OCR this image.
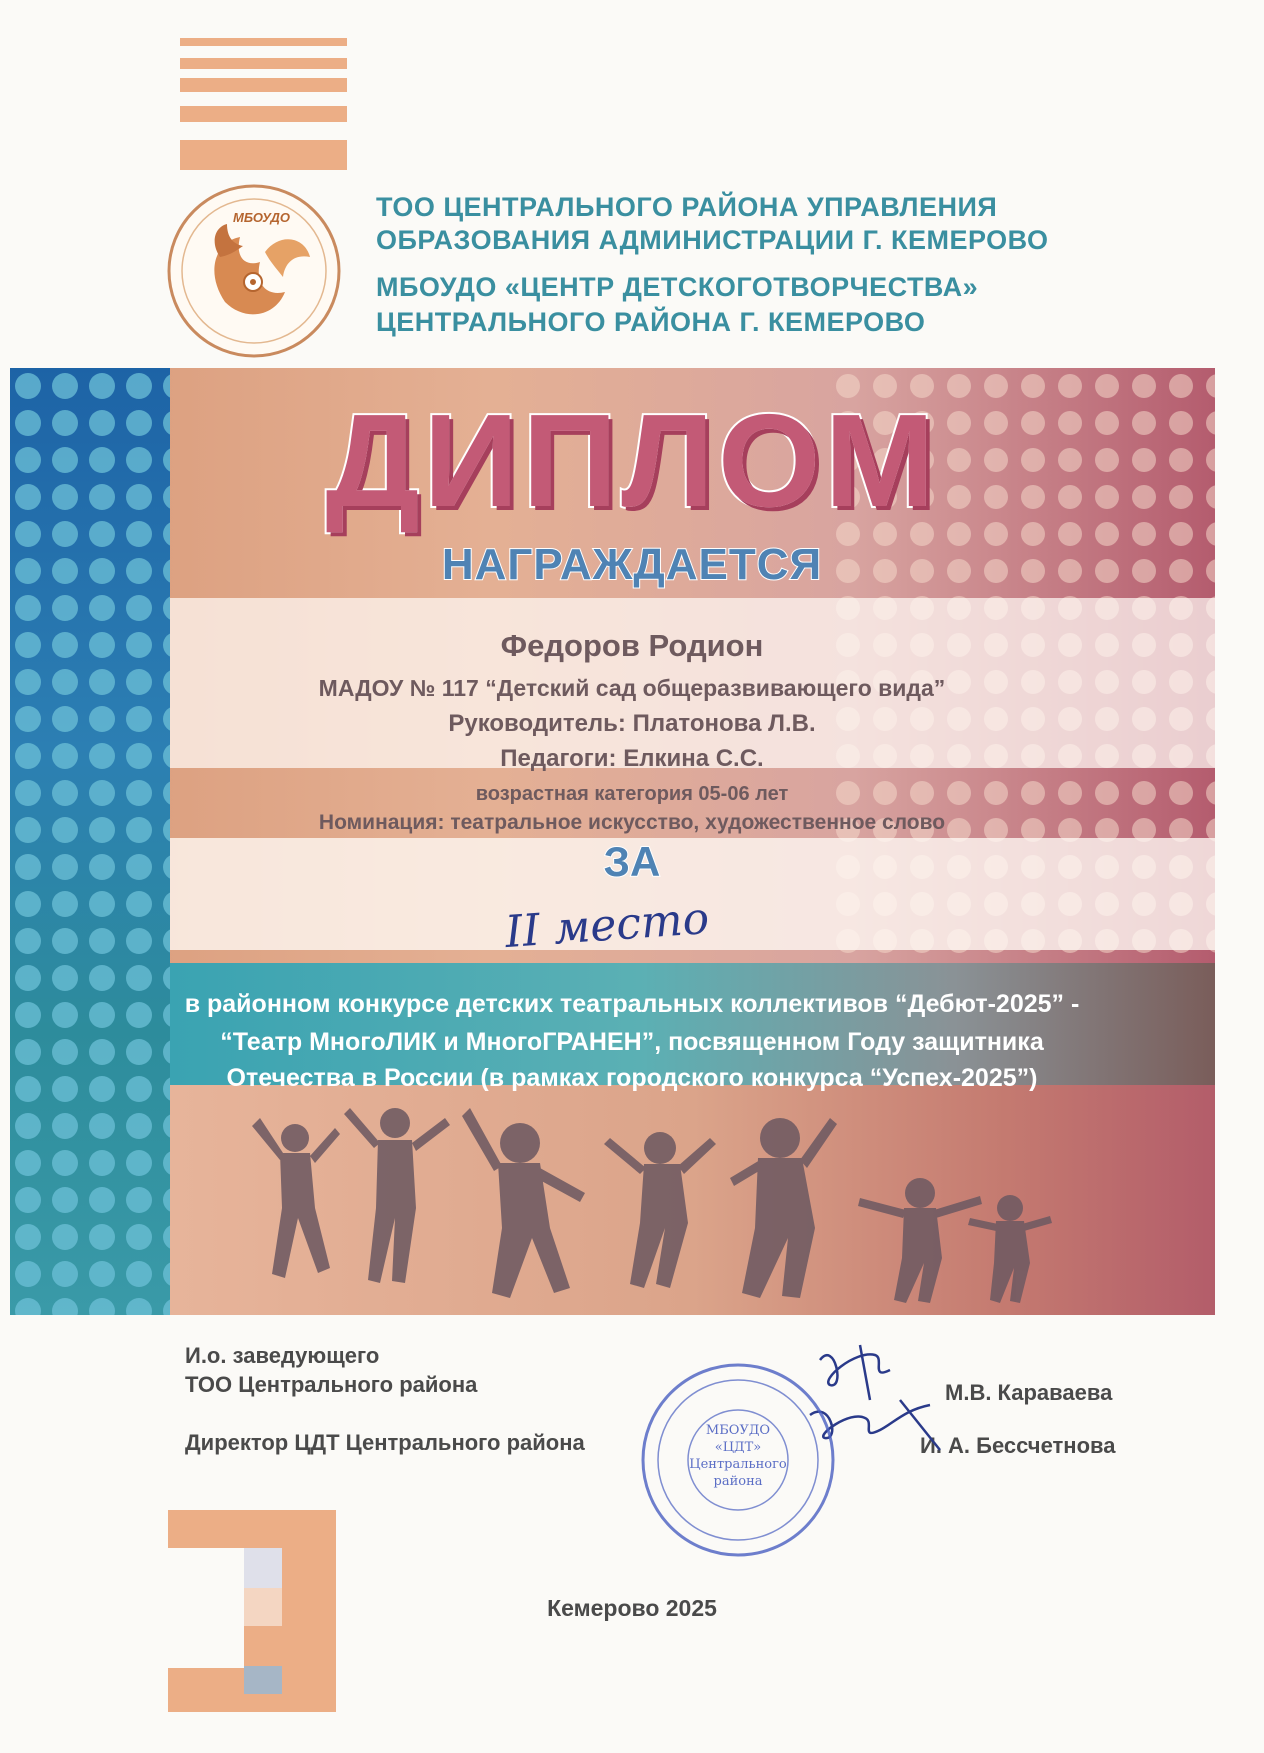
МБОУДО	ТОО ЦЕНТРАЛЬНОГО РАЙОНА УПРАВЛЕНИЯ
ОБРАЗОВАНИЯ АДМИНИСТРАЦИИ Г. КЕМЕРОВО
МБОУДО «ЦЕНТР ДЕТСКОГОТВОРЧЕСТВА»
ЦЕНТРАЛЬНОГО РАЙОНА Г. КЕМЕРОВО
ДИПЛОМ
НАГРАЖДАЕТСЯ
Федоров Родион
МАДОУ № 117 “Детский сад общеразвивающего вида”
Руководитель: Платонова Л.В.
Педагоги: Елкина С.С.
возрастная категория 05-06 лет
Номинация: театральное искусство, художественное слово
ЗА
II место
в районном конкурсе детских театральных коллективов “Дебют-2025” -
“Театр МногоЛИК и МногоГРАНЕН”, посвященном Году защитника
Отечества в России (в рамках городского конкурса “Успех-2025”)
И.о. заведующего
ТОО Центрального района	М.В. Караваева
Директор ЦДТ Центрального района	И. А. Бессчетнова
МБОУДО
«ЦДТ»
Центрального
района
Кемерово 2025
